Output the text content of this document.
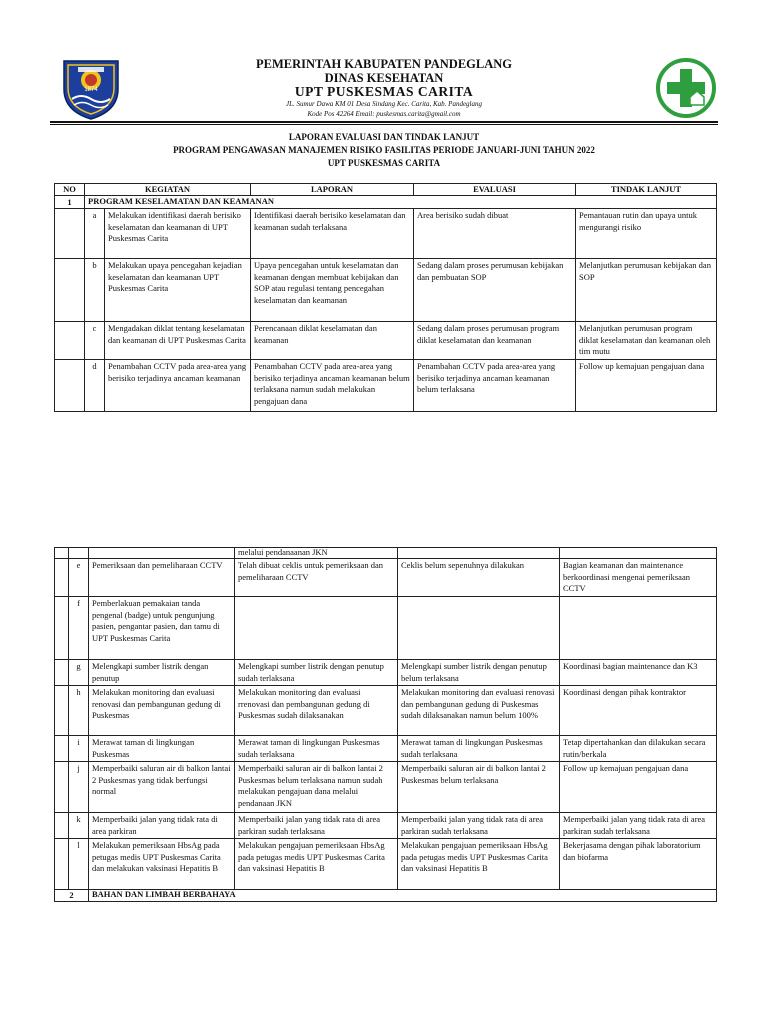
1874
PEMERINTAH KABUPATEN PANDEGLANG
DINAS KESEHATAN
UPT PUSKESMAS CARITA
JL. Sumur Dawa KM 01 Desa Sindang Kec. Carita, Kab. Pandeglang
Kode Pos 42264 Email: puskesmas.carita@gmail.com
LAPORAN EVALUASI DAN TINDAK LANJUT
PROGRAM PENGAWASAN MANAJEMEN RISIKO FASILITAS PERIODE JANUARI-JUNI TAHUN 2022
UPT PUSKESMAS CARITA
NO	KEGIATAN		LAPORAN	EVALUASI	TINDAK LANJUT
1	PROGRAM KESELAMATAN DAN KEAMANAN				
	a	Melakukan identifikasi daerah berisiko keselamatan dan keamanan di UPT Puskesmas Carita	Identifikasi daerah berisiko keselamatan dan keamanan sudah terlaksana	Area berisiko sudah dibuat	Pemantauan rutin dan upaya untuk mengurangi risiko
	b	Melakukan upaya pencegahan kejadian keselamatan dan keamanan UPT Puskesmas Carita	Upaya pencegahan untuk keselamatan dan keamanan dengan membuat kebijakan dan SOP atau regulasi tentang pencegahan keselamatan dan keamanan	Sedang dalam proses perumusan kebijakan dan pembuatan SOP	Melanjutkan perumusan kebijakan dan SOP
	c	Mengadakan diklat tentang keselamatan dan keamanan di UPT Puskesmas Carita	Perencanaan diklat keselamatan dan keamanan	Sedang dalam proses perumusan program diklat keselamatan dan keamanan	Melanjutkan perumusan program diklat keselamatan dan keamanan oleh tim mutu
	d	Penambahan CCTV pada area-area yang berisiko terjadinya ancaman keamanan	Penambahan CCTV pada area-area yang berisiko terjadinya ancaman keamanan belum terlaksana namun sudah melakukan pengajuan dana	Penambahan CCTV pada area-area yang berisiko terjadinya ancaman keamanan belum terlaksana	Follow up kemajuan pengajuan dana
			melalui pendanaanan JKN		
	e	Pemeriksaan dan pemeliharaan CCTV	Telah dibuat ceklis untuk pemeriksaan dan pemeliharaan CCTV	Ceklis belum sepenuhnya dilakukan	Bagian keamanan dan maintenance berkoordinasi mengenai pemeriksaan CCTV
	f	Pemberlakuan pemakaian tanda pengenal (badge) untuk pengunjung pasien, pengantar pasien, dan tamu di UPT Puskesmas Carita			
	g	Melengkapi sumber listrik dengan penutup	Melengkapi sumber listrik dengan penutup sudah terlaksana	Melengkapi sumber listrik dengan penutup belum terlaksana	Koordinasi bagian maintenance dan K3
	h	Melakukan monitoring dan evaluasi renovasi dan pembangunan gedung di Puskesmas	Melakukan monitoring dan evaluasi rrenovasi dan pembangunan gedung di Puskesmas sudah dilaksanakan	Melakukan monitoring dan evaluasi renovasi dan pembangunan gedung di Puskesmas sudah dilaksanakan namun belum 100%	Koordinasi dengan pihak kontraktor
	i	Merawat taman di lingkungan Puskesmas	Merawat taman di lingkungan Puskesmas sudah terlaksana	Merawat taman di lingkungan Puskesmas sudah terlaksana	Tetap dipertahankan dan dilakukan secara rutin/berkala
	j	Memperbaiki saluran air di balkon lantai 2 Puskesmas yang tidak berfungsi normal	Memperbaiki saluran air di balkon lantai 2 Puskesmas belum terlaksana namun sudah melakukan pengajuan dana melalui pendanaan JKN	Memperbaiki saluran air di balkon lantai 2 Puskesmas belum terlaksana	Follow up kemajuan pengajuan dana
	k	Memperbaiki jalan yang tidak rata di area parkiran	Memperbaiki jalan yang tidak rata di area parkiran sudah terlaksana	Memperbaiki jalan yang tidak rata di area parkiran sudah terlaksana	Memperbaiki jalan yang tidak rata di area parkiran sudah terlaksana
	l	Melakukan pemeriksaan HbsAg pada petugas medis UPT Puskesmas Carita dan melakukan vaksinasi Hepatitis B	Melakukan pengajuan pemeriksaan HbsAg pada petugas medis UPT Puskesmas Carita dan vaksinasi Hepatitis B	Melakukan pengajuan pemeriksaan HbsAg pada petugas medis UPT Puskesmas Carita dan vaksinasi Hepatitis B	Bekerjasama dengan pihak laboratorium dan biofarma
2		BAHAN DAN LIMBAH BERBAHAYA			
